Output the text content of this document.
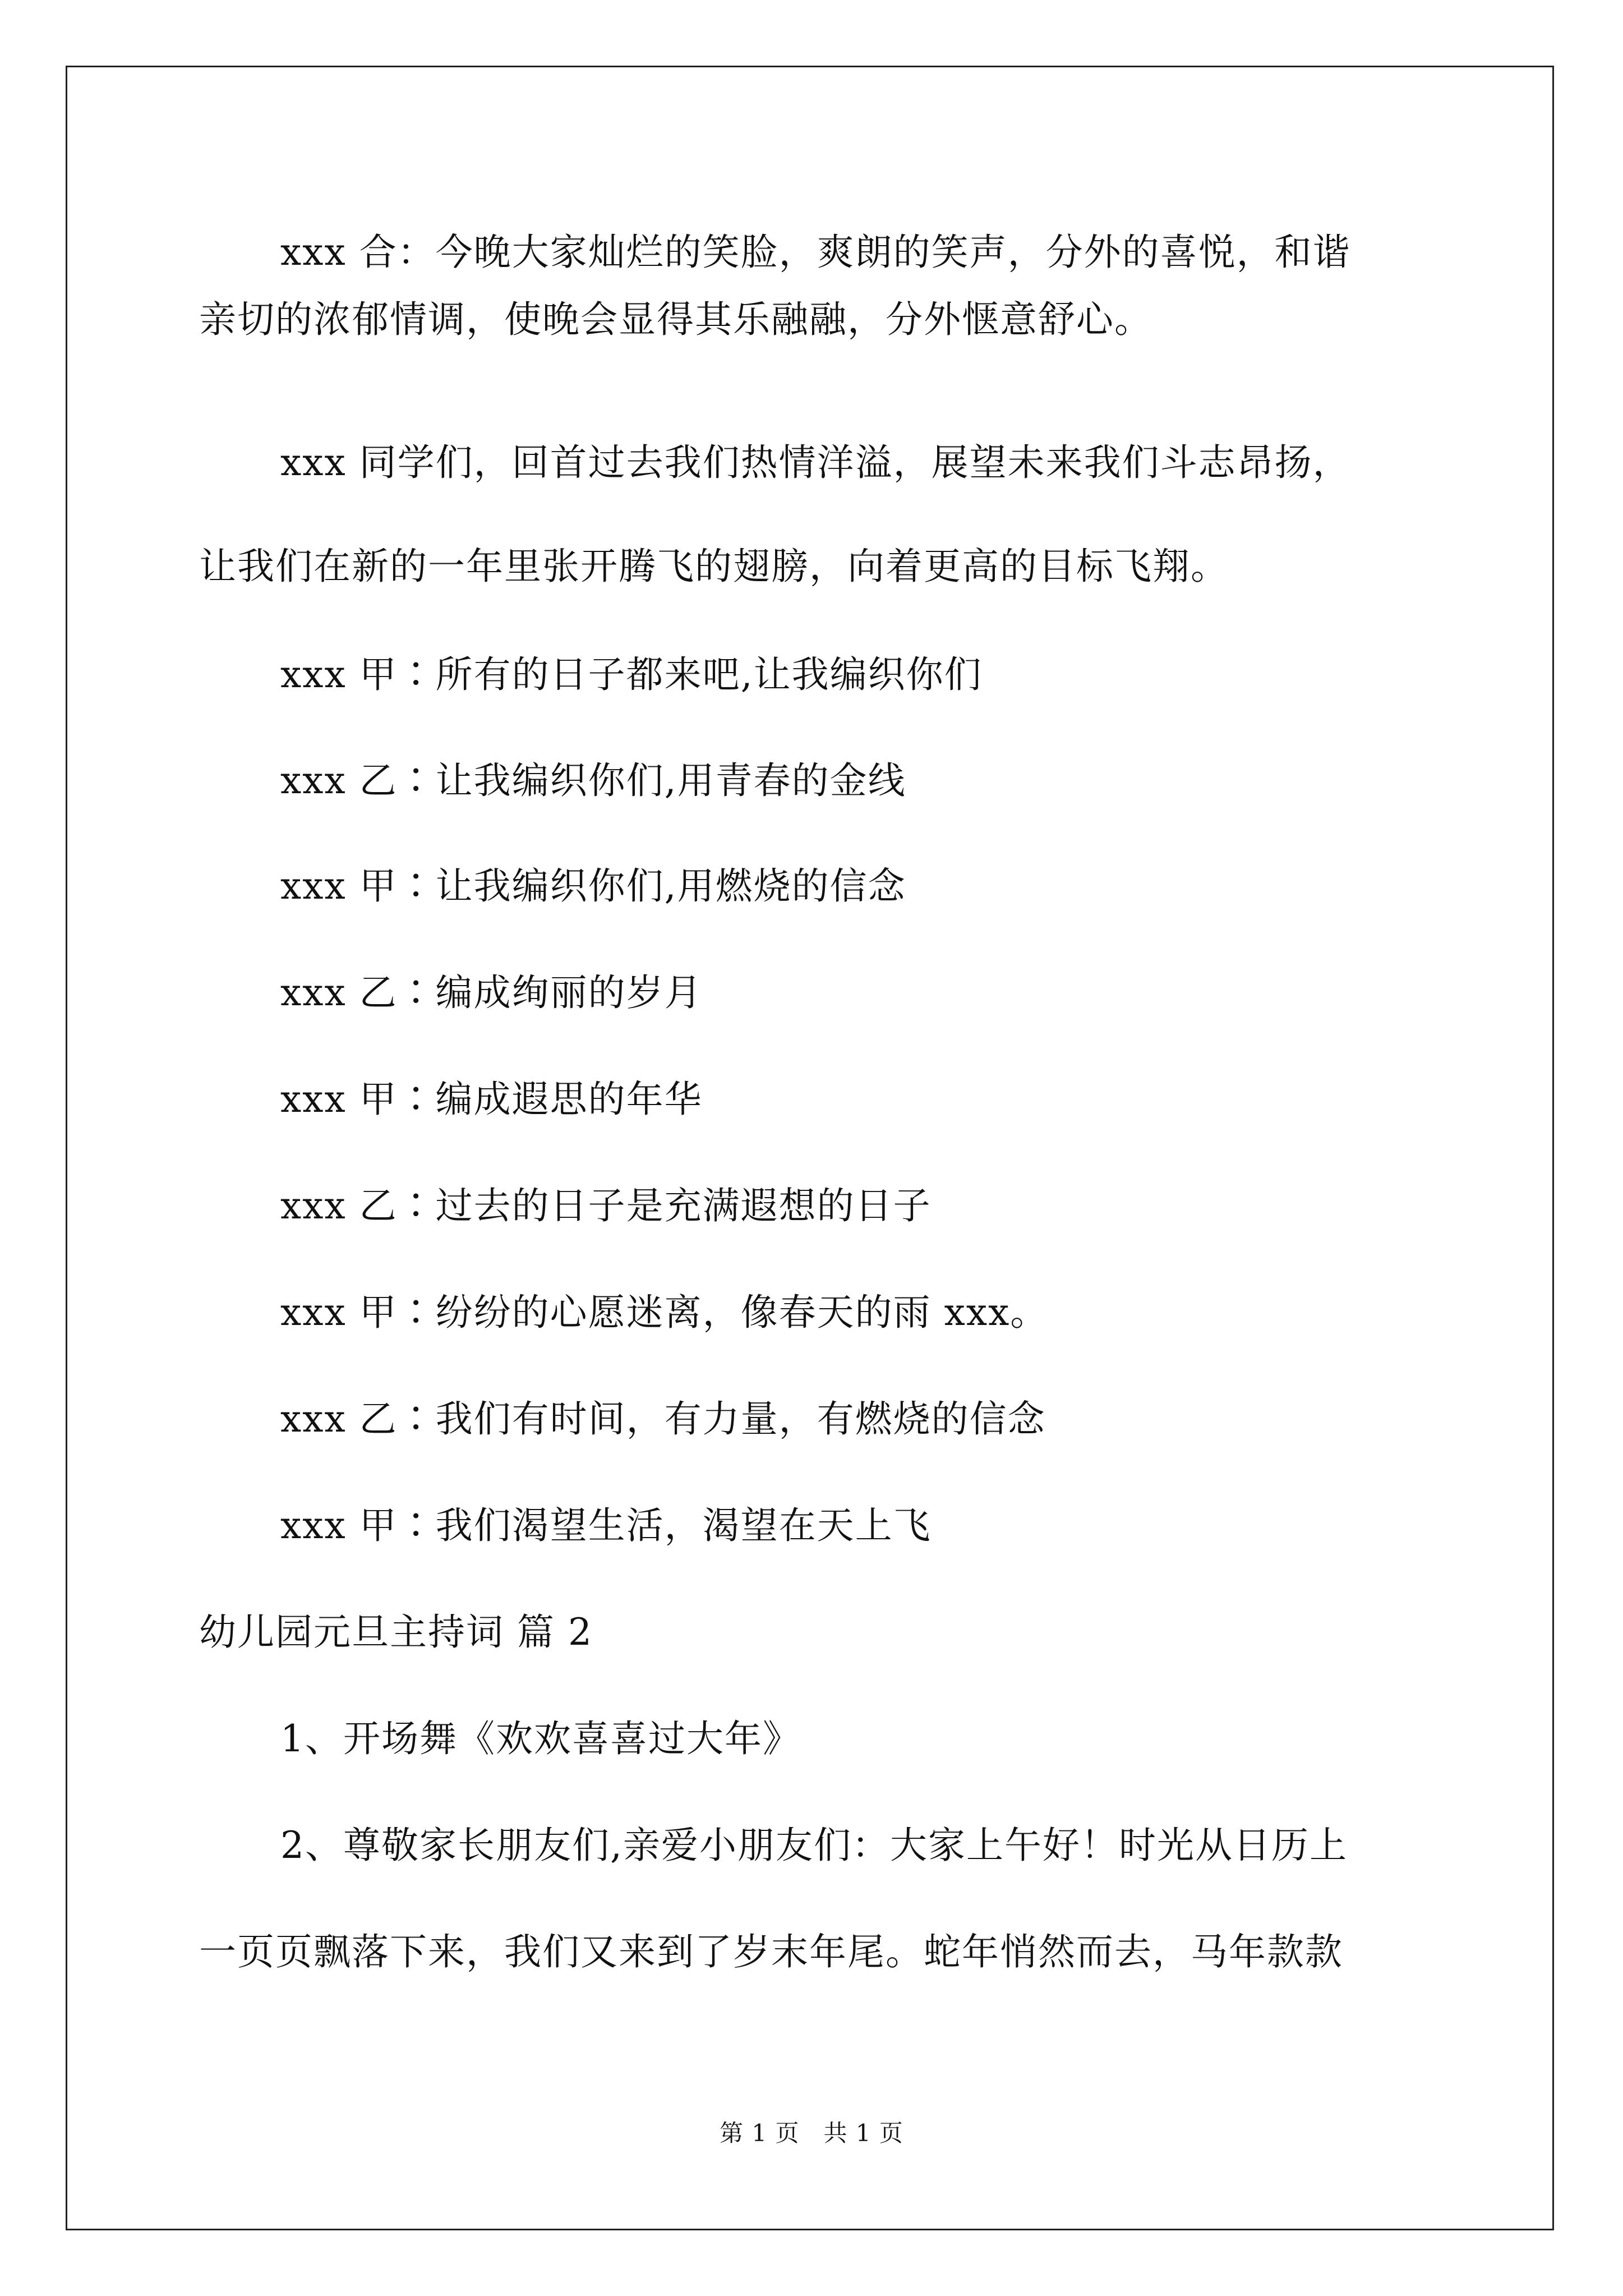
xxx 合：今晚大家灿烂的笑脸，爽朗的笑声，分外的喜悦，和谐
亲切的浓郁情调，使晚会显得其乐融融，分外惬意舒心。
xxx 同学们，回首过去我们热情洋溢，展望未来我们斗志昂扬，
让我们在新的一年里张开腾飞的翅膀，向着更高的目标飞翔。
xxx 甲∶所有的日子都来吧,让我编织你们
xxx 乙∶让我编织你们,用青春的金线
xxx 甲∶让我编织你们,用燃烧的信念
xxx 乙∶编成绚丽的岁月
xxx 甲∶编成遐思的年华
xxx 乙∶过去的日子是充满遐想的日子
xxx 甲∶纷纷的心愿迷离，像春天的雨 xxx。
xxx 乙∶我们有时间，有力量，有燃烧的信念
xxx 甲∶我们渴望生活，渴望在天上飞
幼儿园元旦主持词 篇 2
1、开场舞《欢欢喜喜过大年》
2、尊敬家长朋友们,亲爱小朋友们：大家上午好！时光从日历上
一页页飘落下来，我们又来到了岁末年尾。蛇年悄然而去，马年款款
第 1 页　共 1 页
